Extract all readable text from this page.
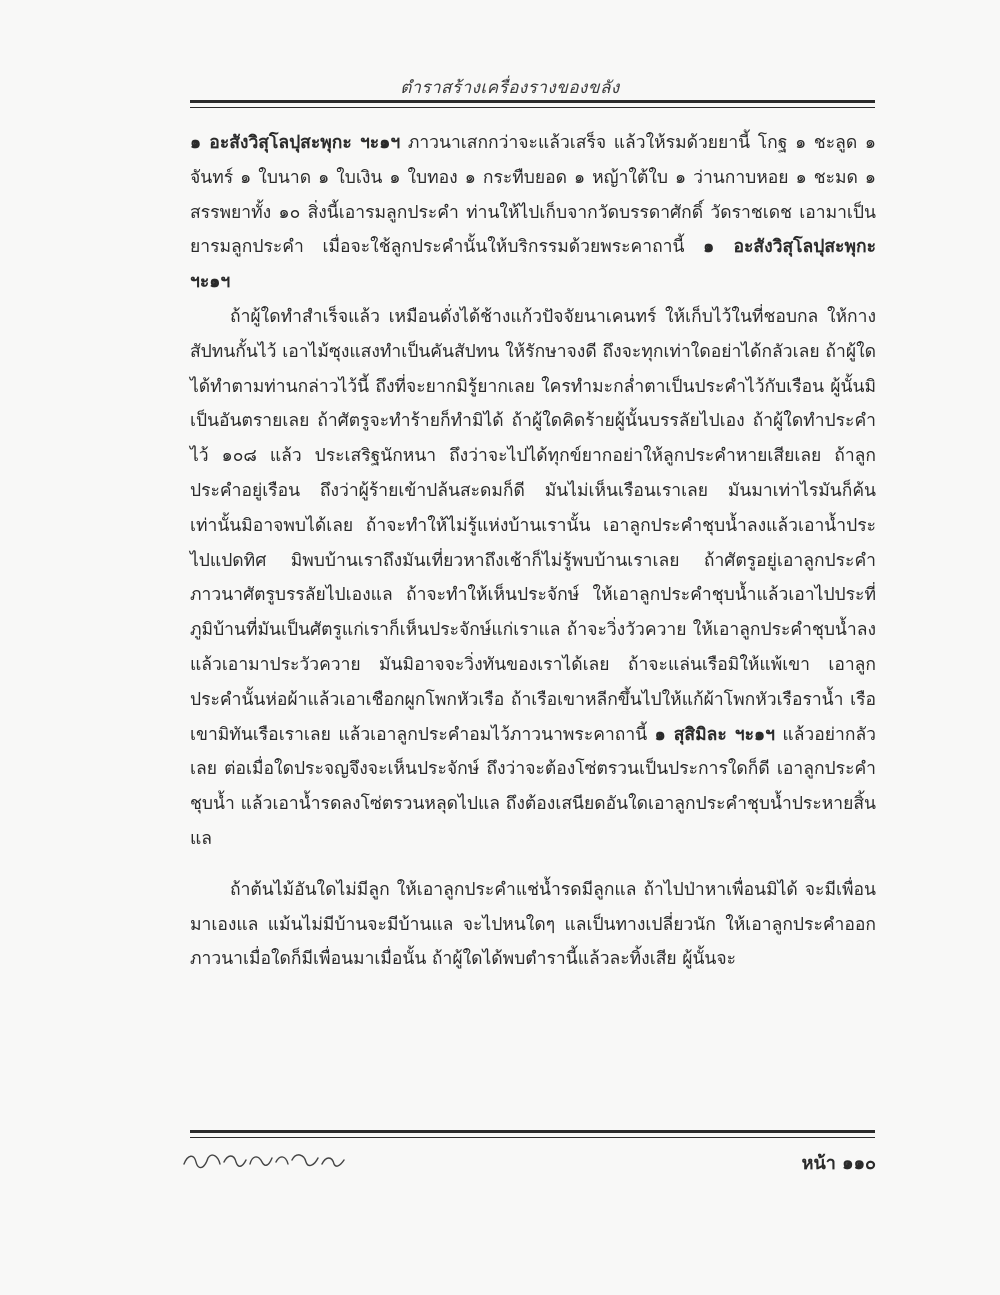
ตำราสร้างเครื่องรางของขลัง

๑ อะสังวิสุโลปุสะพุกะ ฯะ๑ฯ ภาวนาเสกกว่าจะแล้วเสร็จ แล้วให้รมด้วยยานี้ โกฐ ๑ ชะลูด ๑ จันทร์ ๑ ใบนาด ๑ ใบเงิน ๑ ใบทอง ๑ กระทืบยอด ๑ หญ้าใต้ใบ ๑ ว่านกาบหอย ๑ ชะมด ๑ สรรพยาทั้ง ๑๐ สิ่งนี้เอารมลูกประคำ ท่านให้ไปเก็บจากวัดบรรดาศักดิ์ วัดราชเดช เอามาเป็นยารมลูกประคำ เมื่อจะใช้ลูกประคำนั้นให้บริกรรมด้วยพระคาถานี้ ๑ อะสังวิสุโลปุสะพุกะ ฯะ๑ฯ

ถ้าผู้ใดทำสำเร็จแล้ว เหมือนดั่งได้ช้างแก้วปัจจัยนาเคนทร์ ให้เก็บไว้ในที่ชอบกล ให้กางสัปทนกั้นไว้ เอาไม้ซุงแสงทำเป็นคันสัปทน ให้รักษาจงดี ถึงจะทุกเท่าใดอย่าได้กลัวเลย ถ้าผู้ใดได้ทำตามท่านกล่าวไว้นี้ ถึงที่จะยากมิรู้ยากเลย ใครทำมะกล่ำตาเป็นประคำไว้กับเรือน ผู้นั้นมิเป็นอันตรายเลย ถ้าศัตรูจะทำร้ายก็ทำมิได้ ถ้าผู้ใดคิดร้ายผู้นั้นบรรลัยไปเอง ถ้าผู้ใดทำประคำไว้ ๑๐๘ แล้ว ประเสริฐนักหนา ถึงว่าจะไปได้ทุกข์ยากอย่าให้ลูกประคำหายเสียเลย ถ้าลูกประคำอยู่เรือน ถึงว่าผู้ร้ายเข้าปล้นสะดมก็ดี มันไม่เห็นเรือนเราเลย มันมาเท่าไรมันก็ค้นเท่านั้นมิอาจพบได้เลย ถ้าจะทำให้ไม่รู้แห่งบ้านเรานั้น เอาลูกประคำชุบน้ำลงแล้วเอาน้ำประไปแปดทิศ มิพบบ้านเราถึงมันเที่ยวหาถึงเช้าก็ไม่รู้พบบ้านเราเลย ถ้าศัตรูอยู่เอาลูกประคำภาวนาศัตรูบรรลัยไปเองแล ถ้าจะทำให้เห็นประจักษ์ ให้เอาลูกประคำชุบน้ำแล้วเอาไปประที่ภูมิบ้านที่มันเป็นศัตรูแก่เราก็เห็นประจักษ์แก่เราแล ถ้าจะวิ่งวัวควาย ให้เอาลูกประคำชุบน้ำลง แล้วเอามาประวัวควาย มันมิอาจจะวิ่งทันของเราได้เลย ถ้าจะแล่นเรือมิให้แพ้เขา เอาลูกประคำนั้นห่อผ้าแล้วเอาเชือกผูกโพกหัวเรือ ถ้าเรือเขาหลีกขึ้นไปให้แก้ผ้าโพกหัวเรือราน้ำ เรือเขามิทันเรือเราเลย แล้วเอาลูกประคำอมไว้ภาวนาพระคาถานี้ ๑ สุสิมิละ ฯะ๑ฯ แล้วอย่ากลัวเลย ต่อเมื่อใดประจญจึงจะเห็นประจักษ์ ถึงว่าจะต้องโซ่ตรวนเป็นประการใดก็ดี เอาลูกประคำชุบน้ำ แล้วเอาน้ำรดลงโซ่ตรวนหลุดไปแล ถึงต้องเสนียดอันใดเอาลูกประคำชุบน้ำประหายสิ้นแล

ถ้าต้นไม้อันใดไม่มีลูก ให้เอาลูกประคำแช่น้ำรดมีลูกแล ถ้าไปป่าหาเพื่อนมิได้ จะมีเพื่อนมาเองแล แม้นไม่มีบ้านจะมีบ้านแล จะไปหนใดๆ แลเป็นทางเปลี่ยวนัก ให้เอาลูกประคำออกภาวนาเมื่อใดก็มีเพื่อนมาเมื่อนั้น ถ้าผู้ใดได้พบตำรานี้แล้วละทิ้งเสีย ผู้นั้นจะ

หน้า ๑๑๐
